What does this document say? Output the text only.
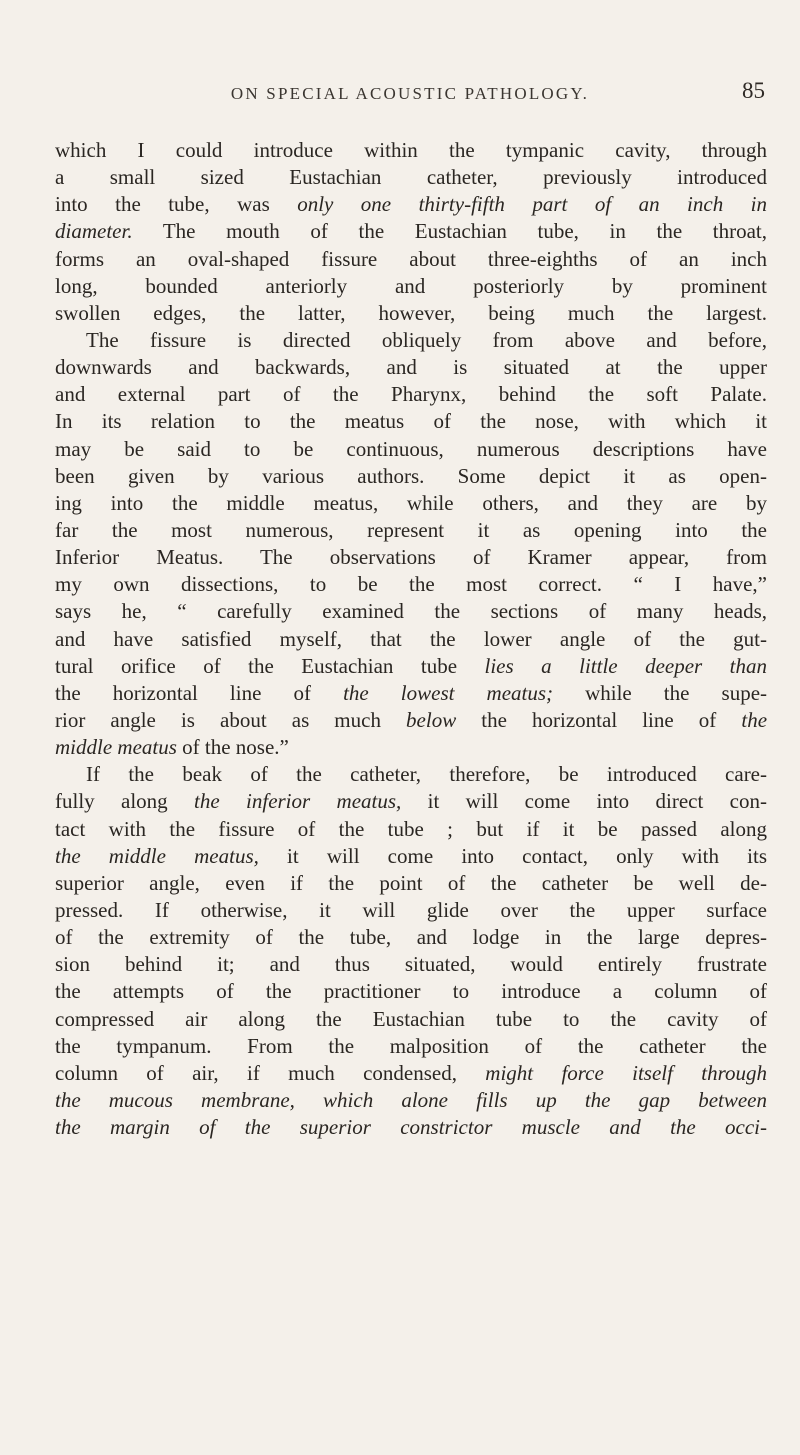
ON SPECIAL ACOUSTIC PATHOLOGY.	85
which I could introduce within the tympanic cavity, through
a small sized Eustachian catheter, previously introduced
into the tube, was only one thirty-fifth part of an inch in
diameter. The mouth of the Eustachian tube, in the throat,
forms an oval-shaped fissure about three-eighths of an inch
long, bounded anteriorly and posteriorly by prominent
swollen edges, the latter, however, being much the largest.
The fissure is directed obliquely from above and before,
downwards and backwards, and is situated at the upper
and external part of the Pharynx, behind the soft Palate.
In its relation to the meatus of the nose, with which it
may be said to be continuous, numerous descriptions have
been given by various authors. Some depict it as open-
ing into the middle meatus, while others, and they are by
far the most numerous, represent it as opening into the
Inferior Meatus. The observations of Kramer appear, from
my own dissections, to be the most correct. “ I have,”
says he, “ carefully examined the sections of many heads,
and have satisfied myself, that the lower angle of the gut-
tural orifice of the Eustachian tube lies a little deeper than
the horizontal line of the lowest meatus; while the supe-
rior angle is about as much below the horizontal line of the
middle meatus of the nose.”
If the beak of the catheter, therefore, be introduced care-
fully along the inferior meatus, it will come into direct con-
tact with the fissure of the tube ; but if it be passed along
the middle meatus, it will come into contact, only with its
superior angle, even if the point of the catheter be well de-
pressed. If otherwise, it will glide over the upper surface
of the extremity of the tube, and lodge in the large depres-
sion behind it; and thus situated, would entirely frustrate
the attempts of the practitioner to introduce a column of
compressed air along the Eustachian tube to the cavity of
the tympanum. From the malposition of the catheter the
column of air, if much condensed, might force itself through
the mucous membrane, which alone fills up the gap between
the margin of the superior constrictor muscle and the occi-
